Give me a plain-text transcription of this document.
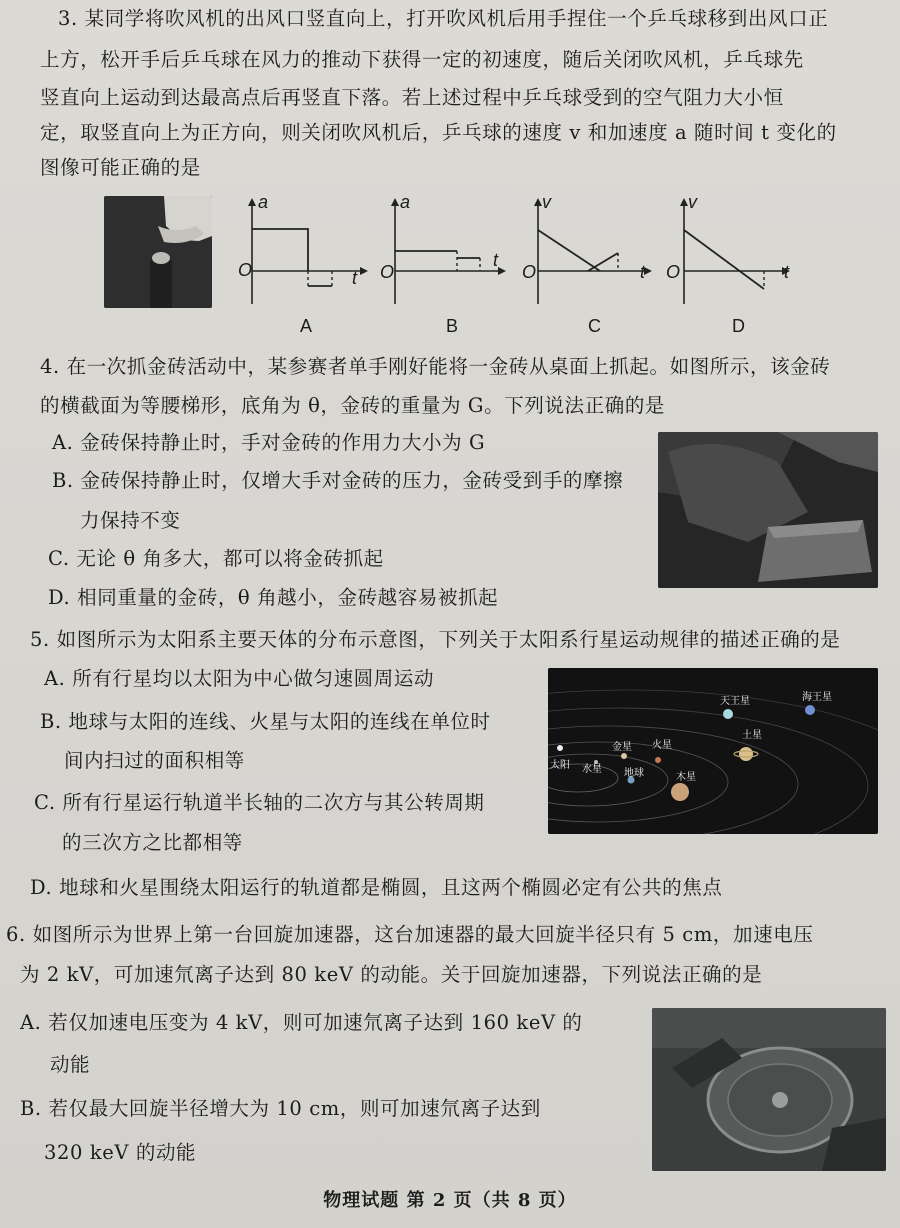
3. 某同学将吹风机的出风口竖直向上，打开吹风机后用手捏住一个乒乓球移到出风口正
上方，松开手后乒乓球在风力的推动下获得一定的初速度，随后关闭吹风机，乒乓球先
竖直向上运动到达最高点后再竖直下落。若上述过程中乒乓球受到的空气阻力大小恒
定，取竖直向上为正方向，则关闭吹风机后，乒乓球的速度 v 和加速度 a 随时间 t 变化的
图像可能正确的是
a
O	t
A
a
O
t
B
v
O	t
C
v
O	t
D
4. 在一次抓金砖活动中，某参赛者单手刚好能将一金砖从桌面上抓起。如图所示，该金砖
的横截面为等腰梯形，底角为 θ，金砖的重量为 G。下列说法正确的是
A. 金砖保持静止时，手对金砖的作用力大小为 G
B. 金砖保持静止时，仅增大手对金砖的压力，金砖受到手的摩擦
力保持不变
C. 无论 θ 角多大，都可以将金砖抓起
D. 相同重量的金砖，θ 角越小，金砖越容易被抓起
5. 如图所示为太阳系主要天体的分布示意图，下列关于太阳系行星运动规律的描述正确的是
A. 所有行星均以太阳为中心做匀速圆周运动
B. 地球与太阳的连线、火星与太阳的连线在单位时
间内扫过的面积相等
C. 所有行星运行轨道半长轴的二次方与其公转周期
的三次方之比都相等
D. 地球和火星围绕太阳运行的轨道都是椭圆，且这两个椭圆必定有公共的焦点
太阳 水星
金星
地球
火星
木星
土星
天王星	海王星
6. 如图所示为世界上第一台回旋加速器，这台加速器的最大回旋半径只有 5 cm，加速电压
为 2 kV，可加速氘离子达到 80 keV 的动能。关于回旋加速器，下列说法正确的是
A. 若仅加速电压变为 4 kV，则可加速氘离子达到 160 keV 的
动能
B. 若仅最大回旋半径增大为 10 cm，则可加速氘离子达到
320 keV 的动能
物理试题 第 2 页（共 8 页）
